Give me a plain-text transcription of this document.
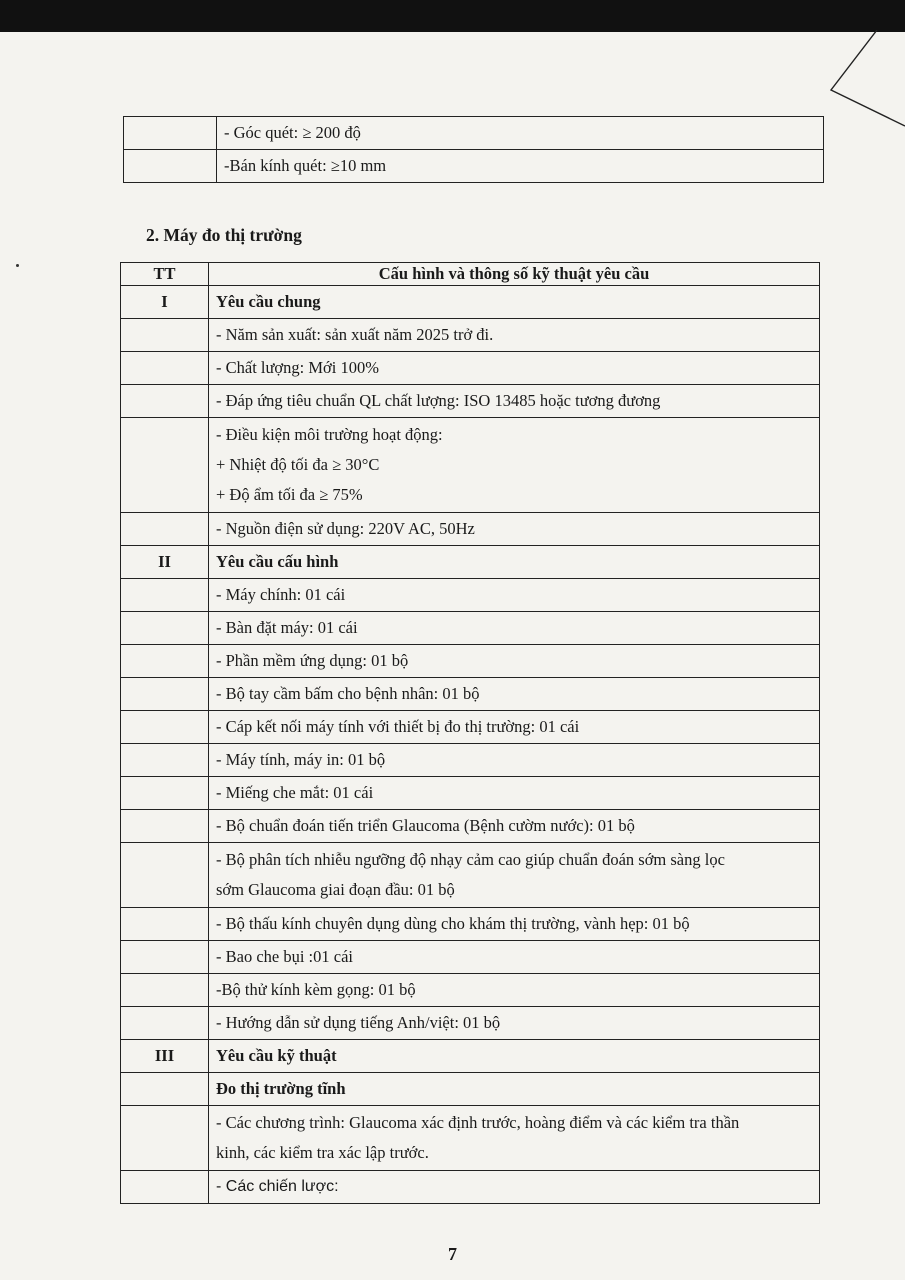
	- Góc quét: ≥ 200 độ
	-Bán kính quét: ≥10 mm
2. Máy đo thị trường
TT	Cấu hình và thông số kỹ thuật yêu cầu
I	Yêu cầu chung
	- Năm sản xuất: sản xuất năm 2025 trở đi.
	- Chất lượng: Mới 100%
	- Đáp ứng tiêu chuẩn QL chất lượng: ISO 13485 hoặc tương đương

	- Điều kiện môi trường hoạt động:
+ Nhiệt độ tối đa ≥ 30°C
+ Độ ẩm tối đa ≥ 75%

	- Nguồn điện sử dụng: 220V AC, 50Hz
II	Yêu cầu cấu hình
	- Máy chính: 01 cái
	- Bàn đặt máy: 01 cái
	- Phần mềm ứng dụng: 01 bộ
	- Bộ tay cầm bấm cho bệnh nhân: 01 bộ
	- Cáp kết nối máy tính với thiết bị đo thị trường: 01 cái
	- Máy tính, máy in: 01 bộ
	- Miếng che mắt: 01 cái
	- Bộ chuẩn đoán tiến triển Glaucoma (Bệnh cườm nước): 01 bộ

	- Bộ phân tích nhiễu ngưỡng độ nhạy cảm cao giúp chuẩn đoán sớm sàng lọc
sớm Glaucoma giai đoạn đầu: 01 bộ

	- Bộ thấu kính chuyên dụng dùng cho khám thị trường, vành hẹp: 01 bộ
	- Bao che bụi :01 cái
	-Bộ thử kính kèm gọng: 01 bộ
	- Hướng dẫn sử dụng tiếng Anh/việt: 01 bộ
III	Yêu cầu kỹ thuật
	Đo thị trường tĩnh

	- Các chương trình: Glaucoma xác định trước, hoàng điểm và các kiểm tra thần
kinh, các kiểm tra xác lập trước.

	- Các chiến lược:
7
